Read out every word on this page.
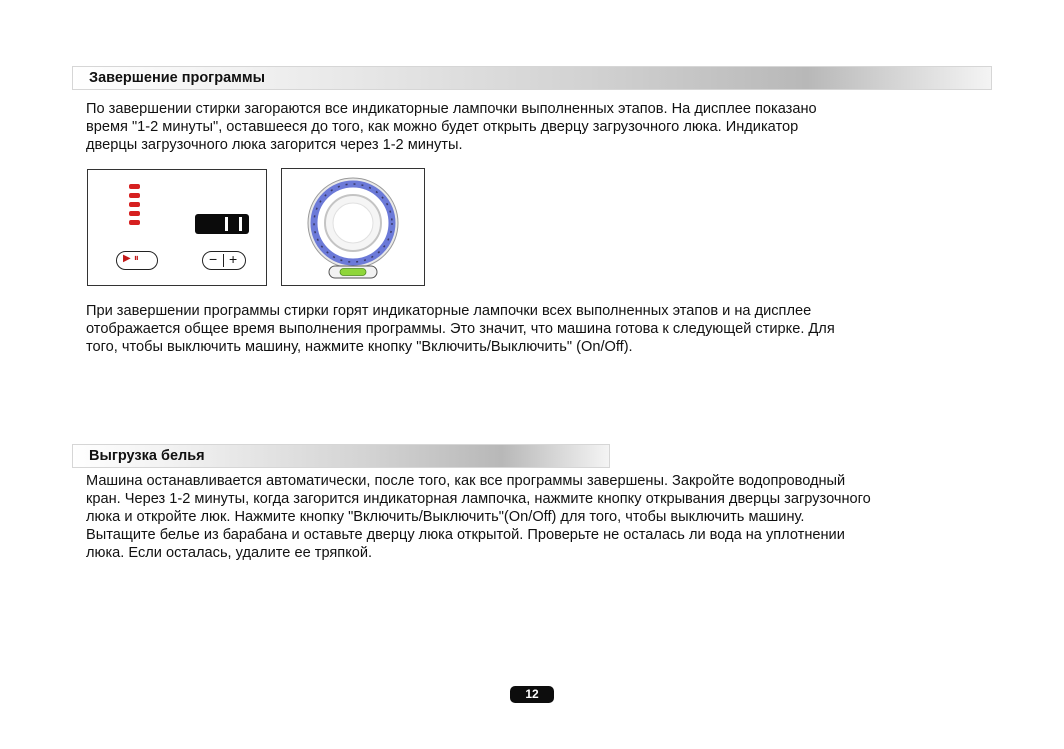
Завершение программы
По завершении стирки загораются все индикаторные лампочки выполненных этапов. На дисплее показано
время "1-2 минуты", оставшееся до того, как можно будет открыть дверцу загрузочного люка. Индикатор
дверцы загрузочного люка загорится через 1-2 минуты.
▶ ⏸	− +
При завершении программы стирки горят индикаторные лампочки всех выполненных этапов и на дисплее
отображается общее время выполнения программы. Это значит, что машина готова к следующей стирке. Для
того, чтобы выключить машину, нажмите кнопку "Включить/Выключить" (On/Off).
Выгрузка белья
Машина останавливается автоматически, после того, как все программы завершены. Закройте водопроводный
кран. Через 1-2 минуты, когда загорится индикаторная лампочка, нажмите кнопку открывания дверцы загрузочного
люка и откройте люк. Нажмите кнопку "Включить/Выключить"(On/Off) для того, чтобы выключить машину.
Вытащите белье из барабана и оставьте дверцу люка открытой. Проверьте не осталась ли вода на уплотнении
люка. Если осталась, удалите ее тряпкой.
12
